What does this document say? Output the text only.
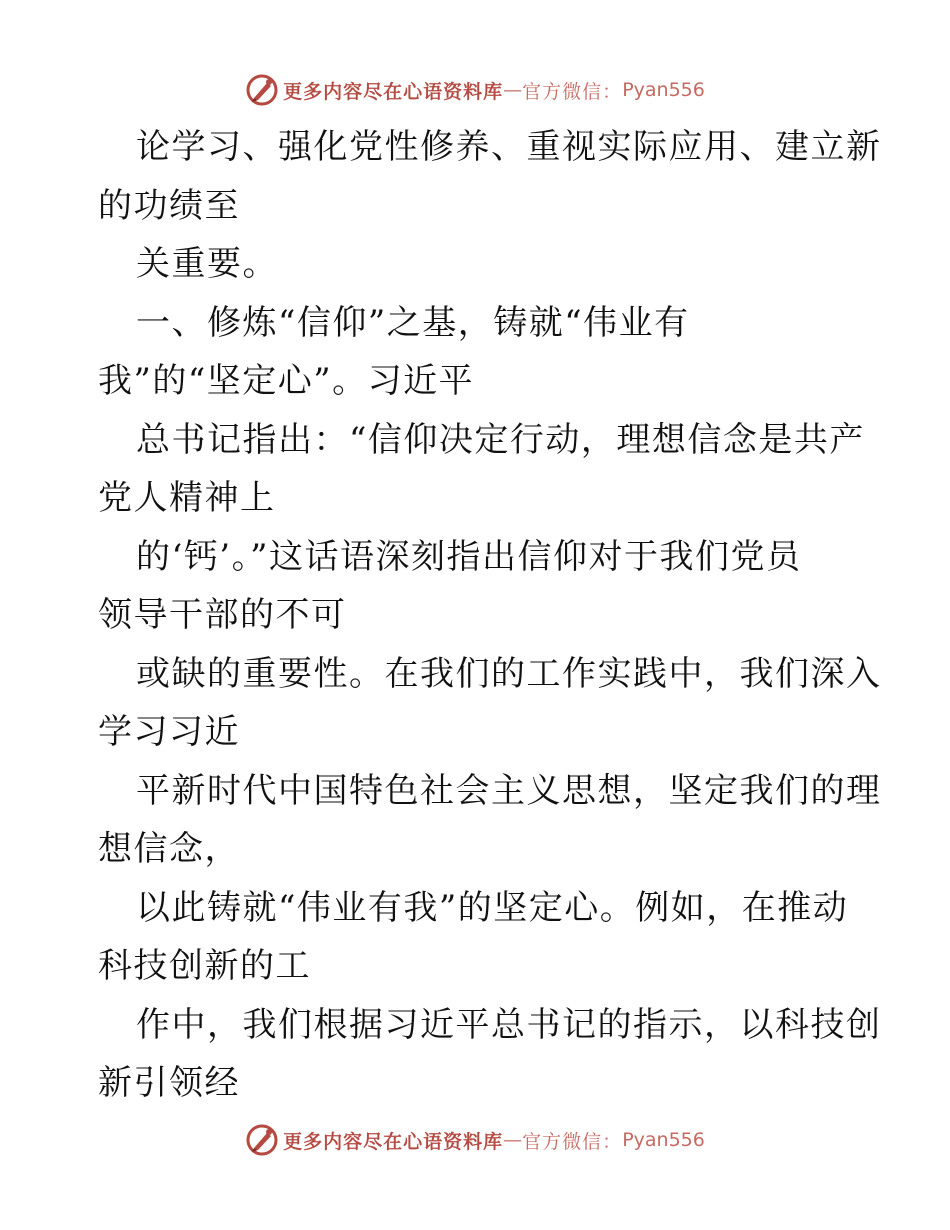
更多内容尽在心语资料库 — 官方微信： Pyan556
论学习、强化党性修养、重视实际应用、建立新
的功绩至
关重要。
一、修炼“信仰”之基，铸就“伟业有
我”的“坚定心”。习近平
总书记指出：“信仰决定行动，理想信念是共产
党人精神上
的‘钙’。”这话语深刻指出信仰对于我们党员
领导干部的不可
或缺的重要性。在我们的工作实践中，我们深入
学习习近
平新时代中国特色社会主义思想，坚定我们的理
想信念，
以此铸就“伟业有我”的坚定心。例如，在推动
科技创新的工
作中，我们根据习近平总书记的指示，以科技创
新引领经
更多内容尽在心语资料库 — 官方微信： Pyan556
